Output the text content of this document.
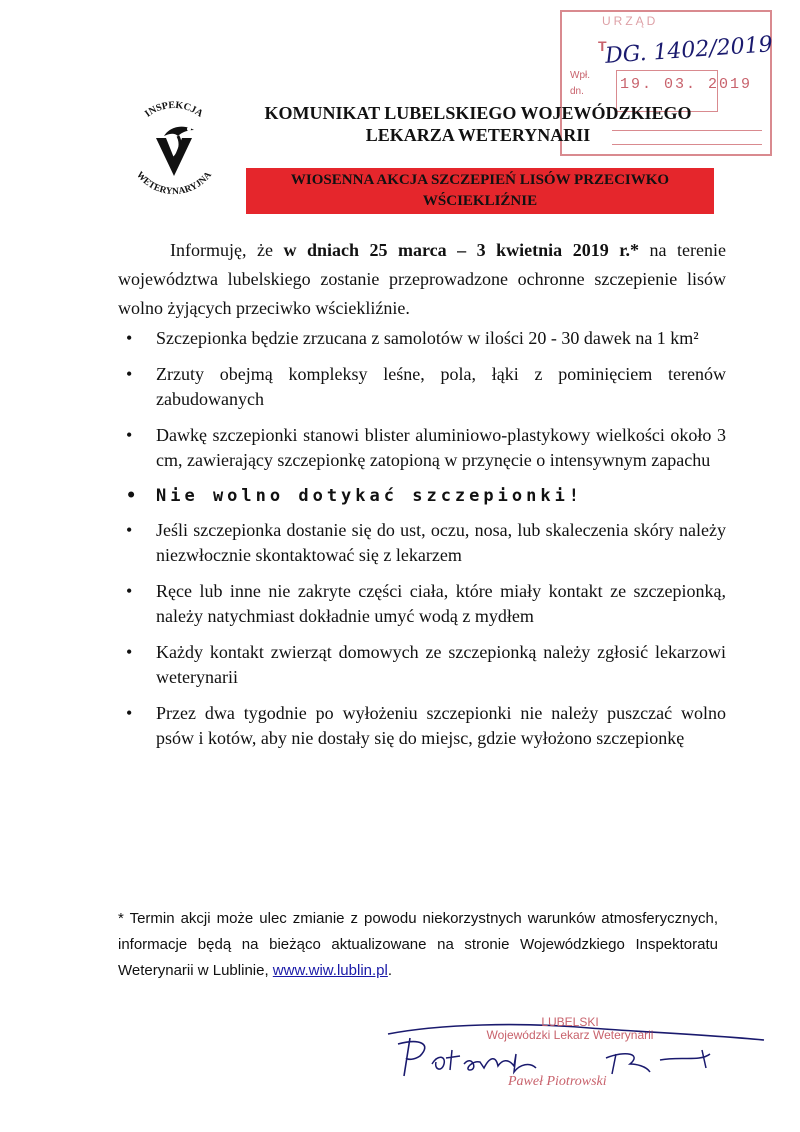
URZĄD
T
Wpł.
dn. 19. 03. 2019
DG. 1402/2019
INSPEKCJA
WETERYNARYJNA
KOMUNIKAT LUBELSKIEGO WOJEWÓDZKIEGO
LEKARZA WETERYNARII
WIOSENNA AKCJA SZCZEPIEŃ LISÓW PRZECIWKO
WŚCIEKLIŹNIE

Informuję, że w dniach 25 marca – 3 kwietnia 2019 r.* na terenie województwa lubelskiego zostanie przeprowadzone ochronne szczepienie lisów wolno żyjących przeciwko wściekliźnie.

• Szczepionka będzie zrzucana z samolotów w ilości 20 - 30 dawek na 1 km²
• Zrzuty obejmą kompleksy leśne, pola, łąki z pominięciem terenów zabudowanych
• Dawkę szczepionki stanowi blister aluminiowo-plastykowy wielkości około 3 cm, zawierający szczepionkę zatopioną w przynęcie o intensywnym zapachu
• Nie wolno dotykać szczepionki!
• Jeśli szczepionka dostanie się do ust, oczu, nosa, lub skaleczenia skóry należy niezwłocznie skontaktować się z lekarzem
• Ręce lub inne nie zakryte części ciała, które miały kontakt ze szczepionką, należy natychmiast dokładnie umyć wodą z mydłem
• Każdy kontakt zwierząt domowych ze szczepionką należy zgłosić lekarzowi weterynarii
• Przez dwa tygodnie po wyłożeniu szczepionki nie należy puszczać wolno psów i kotów, aby nie dostały się do miejsc, gdzie wyłożono szczepionkę
* Termin akcji może ulec zmianie z powodu niekorzystnych warunków atmosferycznych, informacje będą na bieżąco aktualizowane na stronie Wojewódzkiego Inspektoratu Weterynarii w Lublinie, www.wiw.lublin.pl.
LUBELSKI
Wojewódzki Lekarz Weterynarii
Paweł Piotrowski
